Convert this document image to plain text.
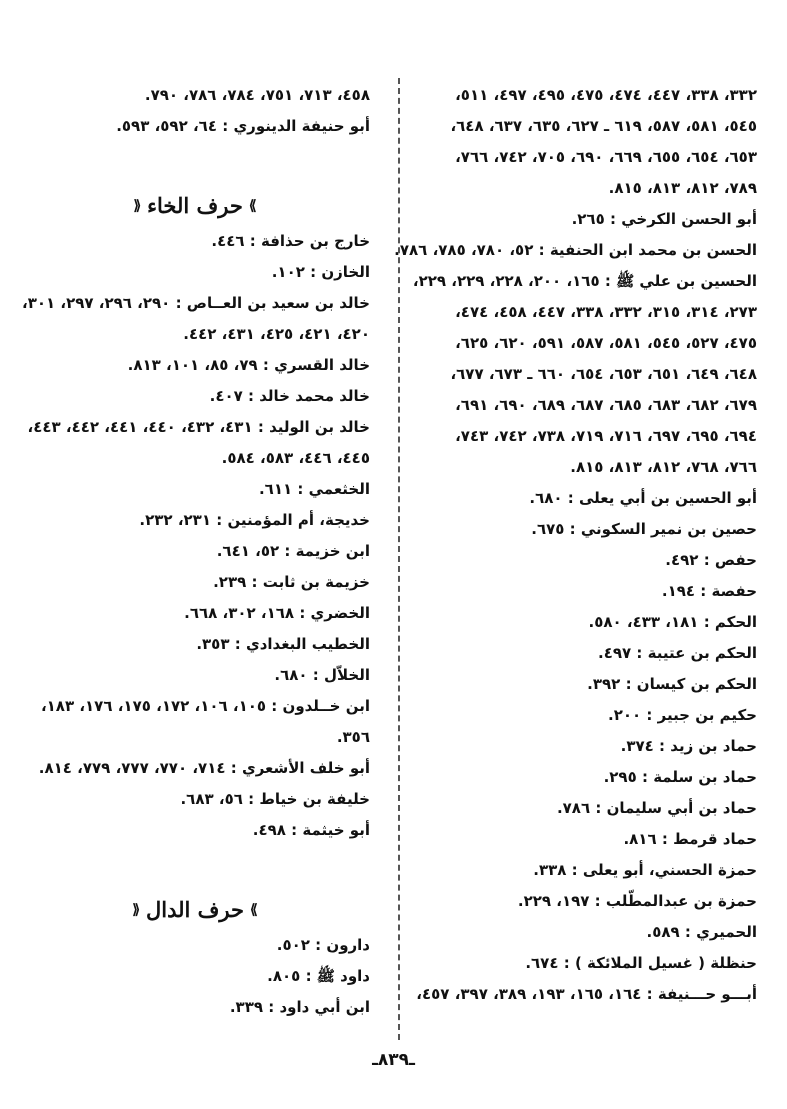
٣٣٢، ٣٣٨، ٤٤٧، ٤٧٤، ٤٧٥، ٤٩٥، ٤٩٧، ٥١١،
٥٤٥، ٥٨١، ٥٨٧، ٦١٩ ـ ٦٢٧، ٦٣٥، ٦٣٧، ٦٤٨،
٦٥٣، ٦٥٤، ٦٥٥، ٦٦٩، ٦٩٠، ٧٠٥، ٧٤٢، ٧٦٦،
٧٨٩، ٨١٢، ٨١٣، ٨١٥.
أبو الحسن الكرخي : ٢٦٥.
الحسن بن محمد ابن الحنفية : ٥٢، ٧٨٠، ٧٨٥، ٧٨٦.
الحسين بن علي ﷺ : ١٦٥، ٢٠٠، ٢٢٨، ٢٢٩، ٢٢٩،
٢٧٣، ٣١٤، ٣١٥، ٣٣٢، ٣٣٨، ٤٤٧، ٤٥٨، ٤٧٤،
٤٧٥، ٥٢٧، ٥٤٥، ٥٨١، ٥٨٧، ٥٩١، ٦٢٠، ٦٢٥،
٦٤٨، ٦٤٩، ٦٥١، ٦٥٣، ٦٥٤، ٦٦٠ ـ ٦٧٣، ٦٧٧،
٦٧٩، ٦٨٢، ٦٨٣، ٦٨٥، ٦٨٧، ٦٨٩، ٦٩٠، ٦٩١،
٦٩٤، ٦٩٥، ٦٩٧، ٧١٦، ٧١٩، ٧٣٨، ٧٤٢، ٧٤٣،
٧٦٦، ٧٦٨، ٨١٢، ٨١٣، ٨١٥.
أبو الحسين بن أبي يعلى : ٦٨٠.
حصين بن نمير السكوني : ٦٧٥.
حفص : ٤٩٢.
حفصة : ١٩٤.
الحكم : ١٨١، ٤٣٣، ٥٨٠.
الحكم بن عتيبة : ٤٩٧.
الحكم بن كيسان : ٣٩٢.
حكيم بن جبير : ٢٠٠.
حماد بن زيد : ٣٧٤.
حماد بن سلمة : ٢٩٥.
حماد بن أبي سليمان : ٧٨٦.
حماد قرمط : ٨١٦.
حمزة الحسني، أبو يعلى : ٣٣٨.
حمزة بن عبدالمطّلب : ١٩٧، ٢٢٩.
الحميري : ٥٨٩.
حنظلة ( غسيل الملائكة ) : ٦٧٤.
أبـــو حـــنيفة : ١٦٤، ١٦٥، ١٩٣، ٣٨٩، ٣٩٧، ٤٥٧،
٤٥٨، ٧١٣، ٧٥١، ٧٨٤، ٧٨٦، ٧٩٠.
أبو حنيفة الدينوري : ٦٤، ٥٩٢، ٥٩٣.
⟫
حرف الخاء
⟪
خارج بن حذافة : ٤٤٦.
الخازن : ١٠٢.
خالد بن سعيد بن العــاص : ٢٩٠، ٢٩٦، ٢٩٧، ٣٠١،
٤٢٠، ٤٢١، ٤٢٥، ٤٣١، ٤٤٢.
خالد القسري : ٧٩، ٨٥، ١٠١، ٨١٣.
خالد محمد خالد : ٤٠٧.
خالد بن الوليد : ٤٣١، ٤٣٢، ٤٤٠، ٤٤١، ٤٤٢، ٤٤٣،
٤٤٥، ٤٤٦، ٥٨٣، ٥٨٤.
الخثعمي : ٦١١.
خديجة، أم المؤمنين : ٢٣١، ٢٣٢.
ابن خزيمة : ٥٢، ٦٤١.
خزيمة بن ثابت : ٢٣٩.
الخضري : ١٦٨، ٣٠٢، ٦٦٨.
الخطيب البغدادي : ٣٥٣.
الخلاّل : ٦٨٠.
ابن خــلدون : ١٠٥، ١٠٦، ١٧٢، ١٧٥، ١٧٦، ١٨٣،
٣٥٦.
أبو خلف الأشعري : ٧١٤، ٧٧٠، ٧٧٧، ٧٧٩، ٨١٤.
خليفة بن خياط : ٥٦، ٦٨٣.
أبو خيثمة : ٤٩٨.
⟫
حرف الدال
⟪
دارون : ٥٠٢.
داود ﷺ : ٨٠٥.
ابن أبي داود : ٣٣٩.
ـ٨٣٩ـ
